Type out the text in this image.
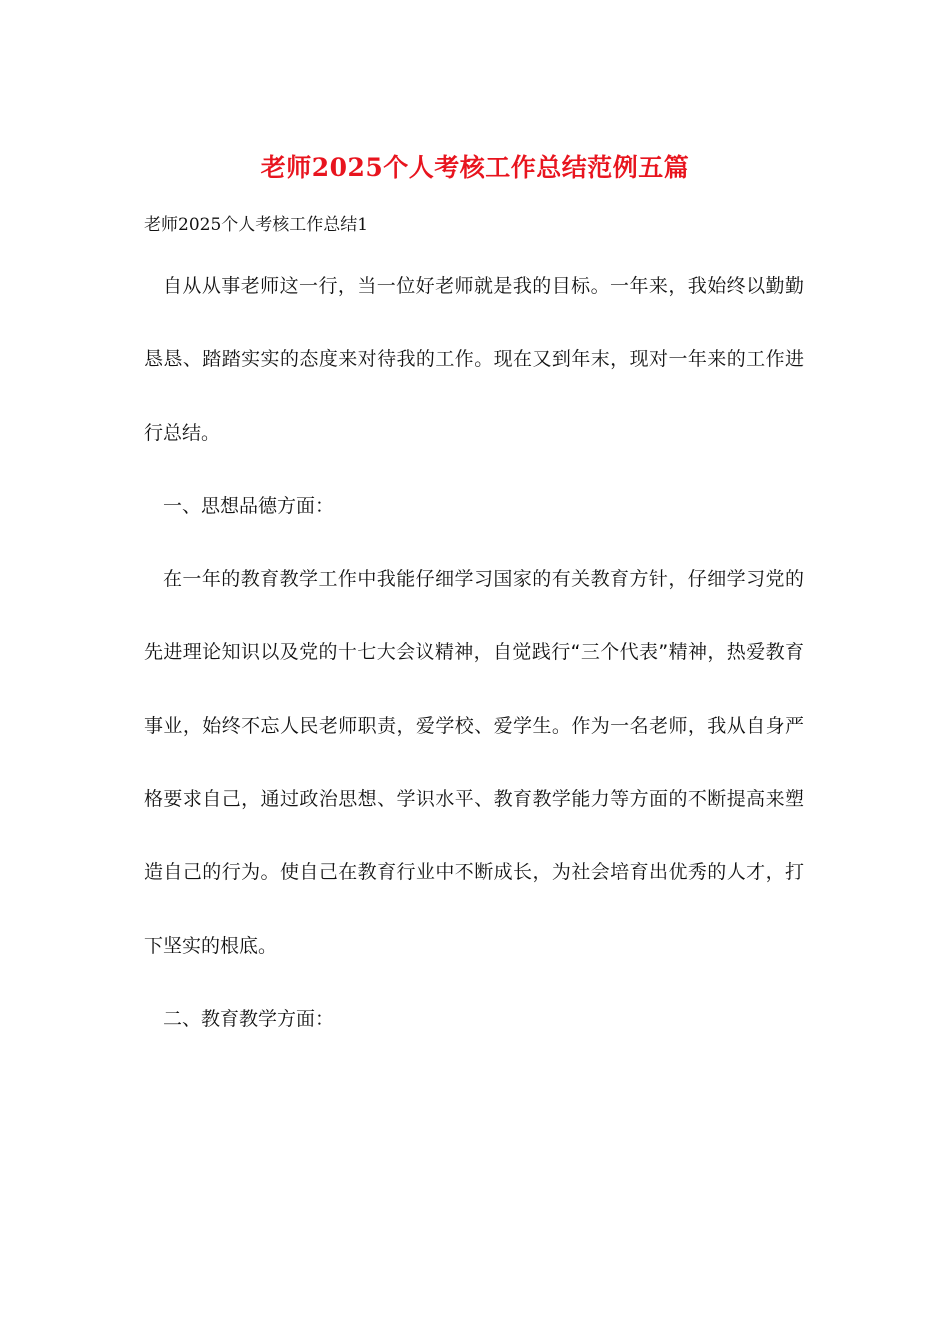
老师2025个人考核工作总结范例五篇

老师2025个人考核工作总结1

自从从事老师这一行，当一位好老师就是我的目标。一年来，我始终以勤勤恳恳、踏踏实实的态度来对待我的工作。现在又到年末，现对一年来的工作进行总结。

一、思想品德方面：

在一年的教育教学工作中我能仔细学习国家的有关教育方针，仔细学习党的先进理论知识以及党的十七大会议精神，自觉践行“三个代表”精神，热爱教育事业，始终不忘人民老师职责，爱学校、爱学生。作为一名老师，我从自身严格要求自己，通过政治思想、学识水平、教育教学能力等方面的不断提高来塑造自己的行为。使自己在教育行业中不断成长，为社会培育出优秀的人才，打下坚实的根底。

二、教育教学方面：
